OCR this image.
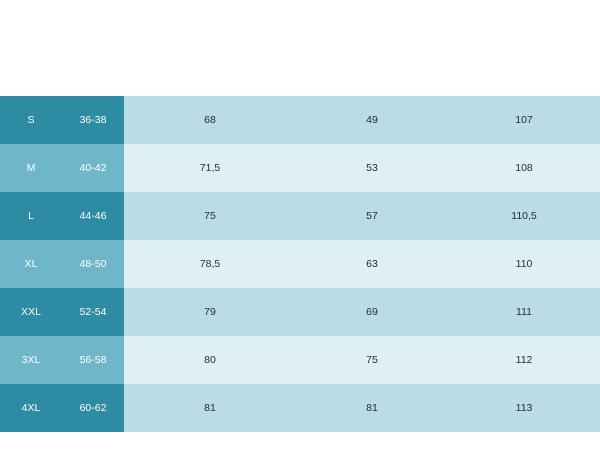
Größe		Rückenlänge / back length (cm)	½ Oberweite / ½ chest (cm)	Hosenlänge (cm)
S	36-38	68	49	107
M	40-42	71,5	53	108
L	44-46	75	57	110,5
XL	48-50	78,5	63	110
XXL	52-54	79	69	111
3XL	56-58	80	75	112
4XL	60-62	81	81	113
